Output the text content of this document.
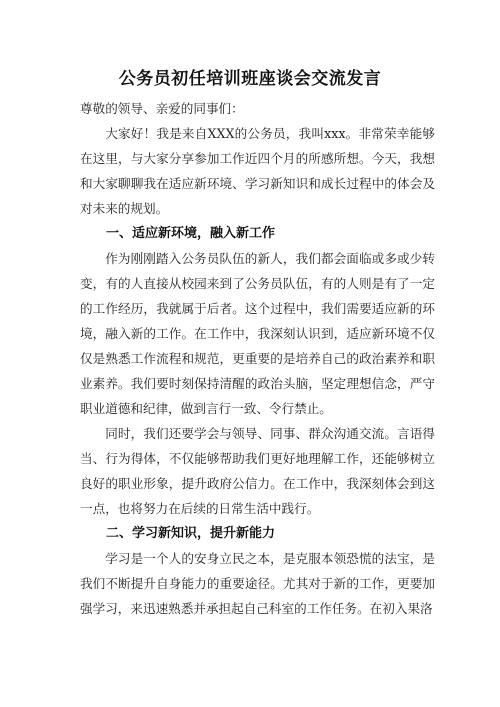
公务员初任培训班座谈会交流发言

尊敬的领导、亲爱的同事们：

大家好！我是来自XXX的公务员，我叫xxx。非常荣幸能够在这里，与大家分享参加工作近四个月的所感所想。今天，我想和大家聊聊我在适应新环境、学习新知识和成长过程中的体会及对未来的规划。

一、适应新环境，融入新工作

作为刚刚踏入公务员队伍的新人，我们都会面临或多或少转变，有的人直接从校园来到了公务员队伍，有的人则是有了一定的工作经历，我就属于后者。这个过程中，我们需要适应新的环境，融入新的工作。在工作中，我深刻认识到，适应新环境不仅仅是熟悉工作流程和规范，更重要的是培养自己的政治素养和职业素养。我们要时刻保持清醒的政治头脑，坚定理想信念，严守职业道德和纪律，做到言行一致、令行禁止。

同时，我们还要学会与领导、同事、群众沟通交流。言语得当、行为得体，不仅能够帮助我们更好地理解工作，还能够树立良好的职业形象，提升政府公信力。在工作中，我深刻体会到这一点，也将努力在后续的日常生活中践行。

二、学习新知识，提升新能力

学习是一个人的安身立民之本，是克服本领恐慌的法宝，是我们不断提升自身能力的重要途径。尤其对于新的工作，更要加强学习，来迅速熟悉并承担起自己科室的工作任务。在初入果洛
